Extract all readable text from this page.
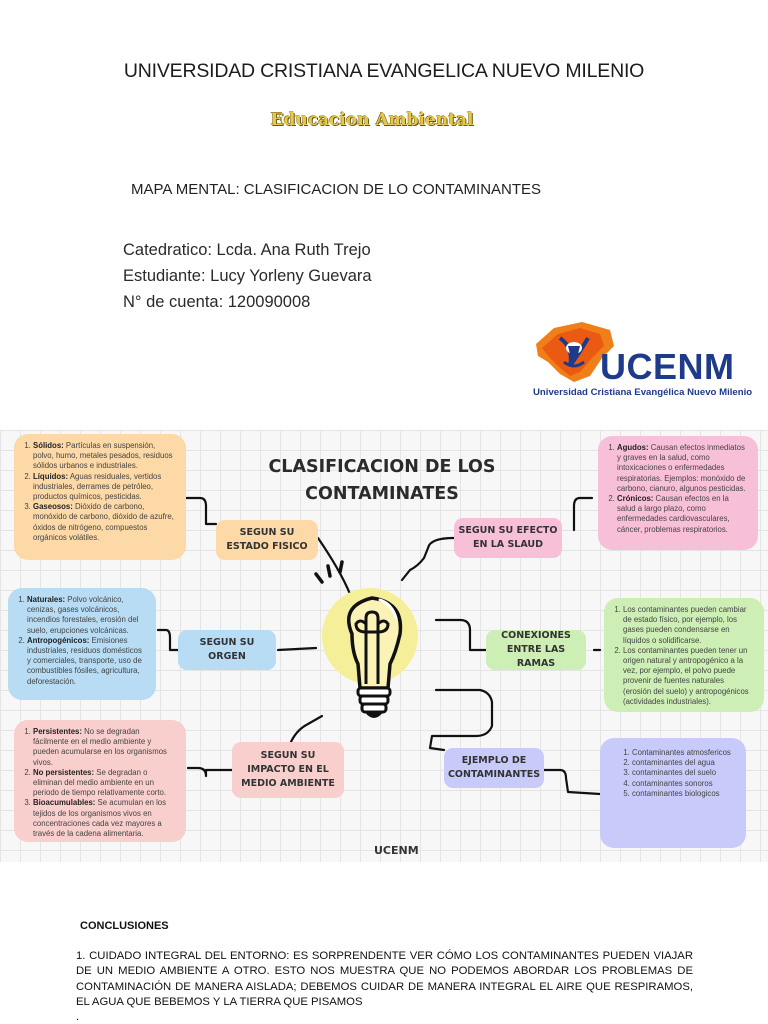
UNIVERSIDAD CRISTIANA EVANGELICA NUEVO MILENIO
Educacion Ambiental
MAPA MENTAL: CLASIFICACION DE LO CONTAMINANTES
Catedratico: Lcda. Ana Ruth Trejo
Estudiante: Lucy Yorleny Guevara
N° de cuenta: 120090008
UCENM
Universidad Cristiana Evangélica Nuevo Milenio
CLASIFICACION DE LOS CONTAMINATES
SEGUN SU ESTADO FISICO
SEGUN SU EFECTO EN LA SLAUD
SEGUN SU ORGEN
CONEXIONES ENTRE LAS RAMAS
SEGUN SU IMPACTO EN EL MEDIO AMBIENTE
EJEMPLO DE CONTAMINANTES
1. Sólidos: Partículas en suspensión, polvo, humo, metales pesados, residuos sólidos urbanos e industriales.
2. Líquidos: Aguas residuales, vertidos industriales, derrames de petróleo, productos químicos, pesticidas.
3. Gaseosos: Dióxido de carbono, monóxido de carbono, dióxido de azufre, óxidos de nitrógeno, compuestos orgánicos volátiles.
1. Agudos: Causan efectos inmediatos y graves en la salud, como intoxicaciones o enfermedades respiratorias. Ejemplos: monóxido de carbono, cianuro, algunos pesticidas.
2. Crónicos: Causan efectos en la salud a largo plazo, como enfermedades cardiovasculares, cáncer, problemas respiratorios.
1. Naturales: Polvo volcánico, cenizas, gases volcánicos, incendios forestales, erosión del suelo, erupciones volcánicas.
2. Antropogénicos: Emisiones industriales, residuos domésticos y comerciales, transporte, uso de combustibles fósiles, agricultura, deforestación.
1. Los contaminantes pueden cambiar de estado físico, por ejemplo, los gases pueden condensarse en líquidos o solidificarse.
2. Los contaminantes pueden tener un origen natural y antropogénico a la vez, por ejemplo, el polvo puede provenir de fuentes naturales (erosión del suelo) y antropogénicos (actividades industriales).
1. Persistentes: No se degradan fácilmente en el medio ambiente y pueden acumularse en los organismos vivos.
2. No persistentes: Se degradan o eliminan del medio ambiente en un periodo de tiempo relativamente corto.
3. Bioacumulables: Se acumulan en los tejidos de los organismos vivos en concentraciones cada vez mayores a través de la cadena alimentaria.
1. Contaminantes atmosfericos
2. contaminantes del agua
3. contaminantes del suelo
4. contaminantes sonoros
5. contaminantes biologicos
UCENM
CONCLUSIONES
1. CUIDADO INTEGRAL DEL ENTORNO: ES SORPRENDENTE VER CÓMO LOS CONTAMINANTES PUEDEN VIAJAR DE UN MEDIO AMBIENTE A OTRO. ESTO NOS MUESTRA QUE NO PODEMOS ABORDAR LOS PROBLEMAS DE CONTAMINACIÓN DE MANERA AISLADA; DEBEMOS CUIDAR DE MANERA INTEGRAL EL AIRE QUE RESPIRAMOS, EL AGUA QUE BEBEMOS Y LA TIERRA QUE PISAMOS
.
